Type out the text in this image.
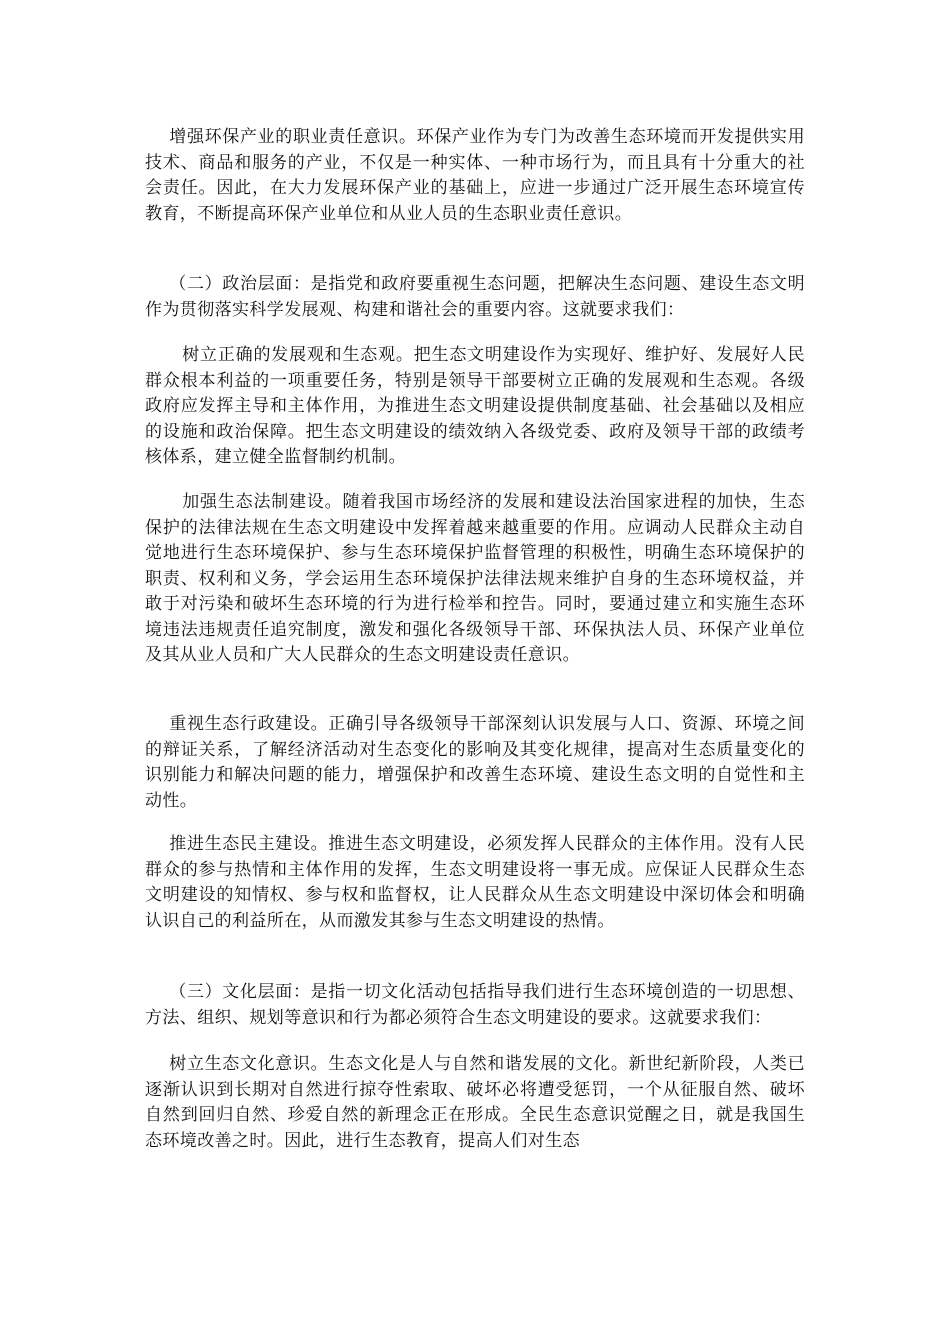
增强环保产业的职业责任意识。环保产业作为专门为改善生态环境而开发提供实用技术、商品和服务的产业，不仅是一种实体、一种市场行为，而且具有十分重大的社会责任。因此，在大力发展环保产业的基础上，应进一步通过广泛开展生态环境宣传教育，不断提高环保产业单位和从业人员的生态职业责任意识。

（二）政治层面：是指党和政府要重视生态问题，把解决生态问题、建设生态文明作为贯彻落实科学发展观、构建和谐社会的重要内容。这就要求我们：

树立正确的发展观和生态观。把生态文明建设作为实现好、维护好、发展好人民群众根本利益的一项重要任务，特别是领导干部要树立正确的发展观和生态观。各级政府应发挥主导和主体作用，为推进生态文明建设提供制度基础、社会基础以及相应的设施和政治保障。把生态文明建设的绩效纳入各级党委、政府及领导干部的政绩考核体系，建立健全监督制约机制。

加强生态法制建设。随着我国市场经济的发展和建设法治国家进程的加快，生态保护的法律法规在生态文明建设中发挥着越来越重要的作用。应调动人民群众主动自觉地进行生态环境保护、参与生态环境保护监督管理的积极性，明确生态环境保护的职责、权利和义务，学会运用生态环境保护法律法规来维护自身的生态环境权益，并敢于对污染和破坏生态环境的行为进行检举和控告。同时，要通过建立和实施生态环境违法违规责任追究制度，激发和强化各级领导干部、环保执法人员、环保产业单位及其从业人员和广大人民群众的生态文明建设责任意识。

重视生态行政建设。正确引导各级领导干部深刻认识发展与人口、资源、环境之间的辩证关系，了解经济活动对生态变化的影响及其变化规律，提高对生态质量变化的识别能力和解决问题的能力，增强保护和改善生态环境、建设生态文明的自觉性和主动性。

推进生态民主建设。推进生态文明建设，必须发挥人民群众的主体作用。没有人民群众的参与热情和主体作用的发挥，生态文明建设将一事无成。应保证人民群众生态文明建设的知情权、参与权和监督权，让人民群众从生态文明建设中深切体会和明确认识自己的利益所在，从而激发其参与生态文明建设的热情。

（三）文化层面：是指一切文化活动包括指导我们进行生态环境创造的一切思想、方法、组织、规划等意识和行为都必须符合生态文明建设的要求。这就要求我们：

树立生态文化意识。生态文化是人与自然和谐发展的文化。新世纪新阶段，人类已逐渐认识到长期对自然进行掠夺性索取、破坏必将遭受惩罚，一个从征服自然、破坏自然到回归自然、珍爱自然的新理念正在形成。全民生态意识觉醒之日，就是我国生态环境改善之时。因此，进行生态教育，提高人们对生态
